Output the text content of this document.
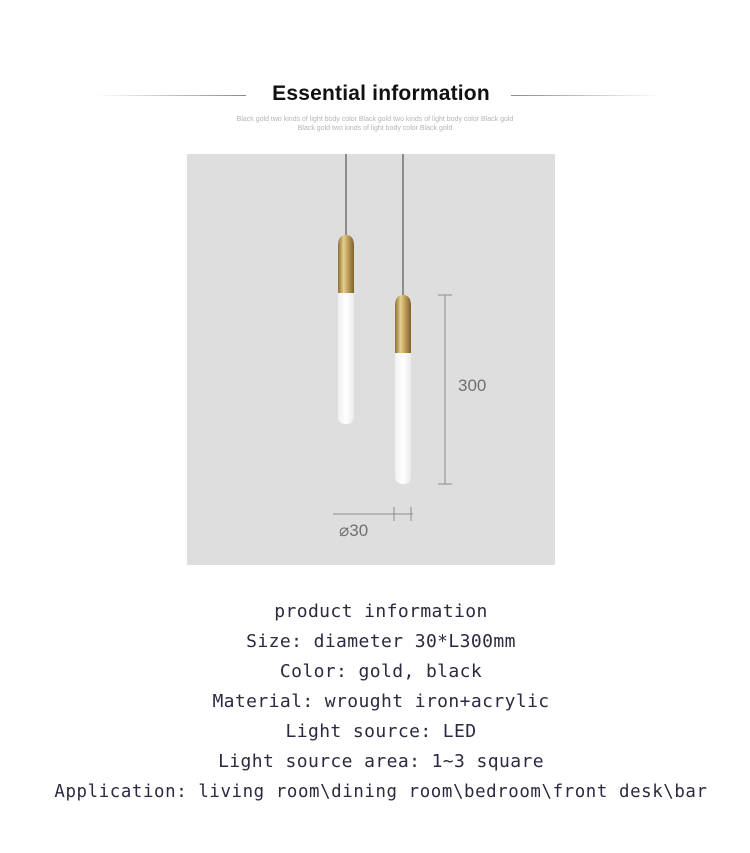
Essential information
Black gold two kinds of light body color Black gold two kinds of light body color Black gold
Black gold two kinds of light body color Black gold
300
⌀30
product information
Size: diameter 30*L300mm
Color: gold, black
Material: wrought iron+acrylic
Light source: LED
Light source area: 1~3 square
Application: living room\dining room\bedroom\front desk\bar
